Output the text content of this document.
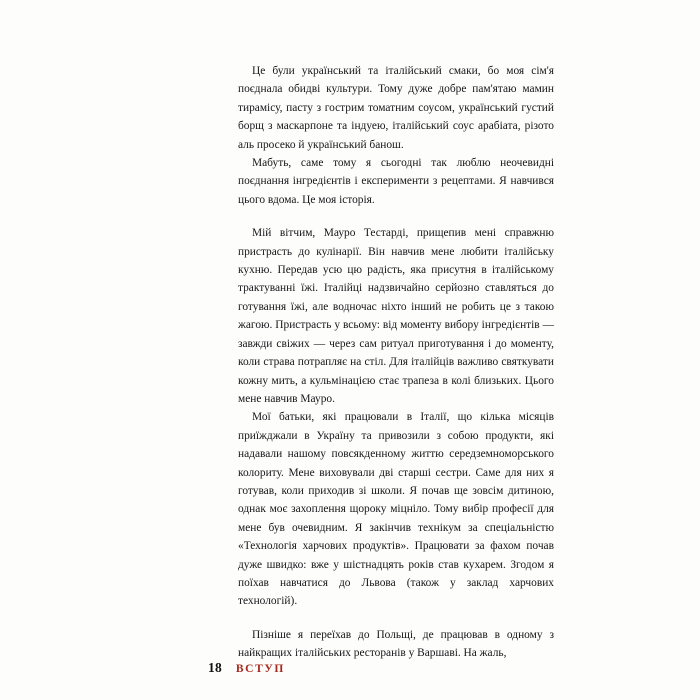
Це були український та італійський смаки, бо моя сім'я поєднала обидві культури. Тому дуже добре пам'ятаю мамин тирамісу, пасту з гострим томатним соусом, український густий борщ з маскарпоне та індуею, італійський соус арабіата, різото аль просеко й український банош.

Мабуть, саме тому я сьогодні так люблю неочевидні поєднання інгредієнтів і експерименти з рецептами. Я навчився цього вдома. Це моя історія.

Мій вітчим, Мауро Тестарді, прищепив мені справжню пристрасть до кулінарії. Він навчив мене любити італійську кухню. Передав усю цю радість, яка присутня в італійському трактуванні їжі. Італійці надзвичайно серйозно ставляться до готування їжі, але водночас ніхто інший не робить це з такою жагою. Пристрасть у всьому: від моменту вибору інгредієнтів — завжди свіжих — через сам ритуал приготування і до моменту, коли страва потрапляє на стіл. Для італійців важливо святкувати кожну мить, а кульмінацією стає трапеза в колі близьких. Цього мене навчив Мауро.

Мої батьки, які працювали в Італії, що кілька місяців приїжджали в Україну та привозили з собою продукти, які надавали нашому повсякденному життю середземноморського колориту. Мене виховували дві старші сестри. Саме для них я готував, коли приходив зі школи. Я почав ще зовсім дитиною, однак моє захоплення щороку міцніло. Тому вибір професії для мене був очевидним. Я закінчив технікум за спеціальністю «Технологія харчових продуктів». Працювати за фахом почав дуже швидко: вже у шістнадцять років став кухарем. Згодом я поїхав навчатися до Львова (також у заклад харчових технологій).

Пізніше я переїхав до Польщі, де працював в одному з найкращих італійських ресторанів у Варшаві. На жаль,

18 ВСТУП
